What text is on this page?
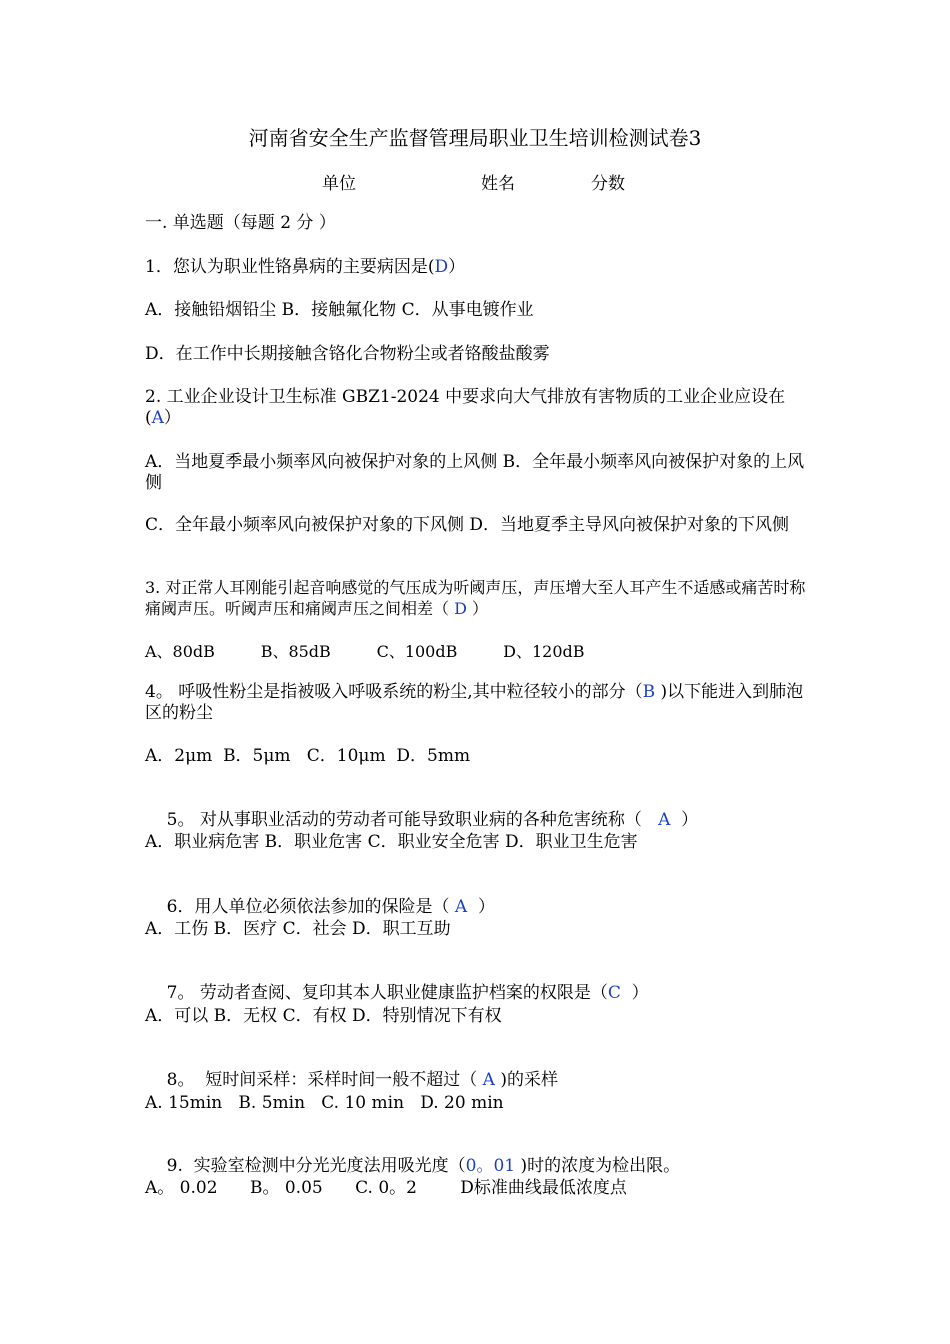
河南省安全生产监督管理局职业卫生培训检测试卷3
单位	姓名	分数
一. 单选题（每题 2 分 ）
1．您认为职业性铬鼻病的主要病因是(D）
A．接触铅烟铅尘 B．接触氟化物 C．从事电镀作业
D．在工作中长期接触含铬化合物粉尘或者铬酸盐酸雾
2. 工业企业设计卫生标准 GBZ1-2024 中要求向大气排放有害物质的工业企业应设在(A）
A．当地夏季最小频率风向被保护对象的上风侧 B．全年最小频率风向被保护对象的上风侧
C．全年最小频率风向被保护对象的下风侧 D．当地夏季主导风向被保护对象的下风侧
3. 对正常人耳刚能引起音响感觉的气压成为听阈声压，声压增大至人耳产生不适感或痛苦时称痛阈声压。听阈声压和痛阈声压之间相差（ D ）
A、80dB         B、85dB         C、100dB         D、120dB
4。 呼吸性粉尘是指被吸入呼吸系统的粉尘,其中粒径较小的部分（B )以下能进入到肺泡区的粉尘
A．2μm  B．5μm   C．10μm  D．5mm

5。 对从事职业活动的劳动者可能导致职业病的各种危害统称（   A  ）

A．职业病危害 B．职业危害 C．职业安全危害 D．职业卫生危害

6．用人单位必须依法参加的保险是（ A  ）

A．工伤 B．医疗 C．社会 D．职工互助

7。 劳动者查阅、复印其本人职业健康监护档案的权限是（C  ）

A．可以 B．无权 C．有权 D．特别情况下有权

8。  短时间采样：采样时间一般不超过（ A )的采样

A. 15min   B. 5min   C. 10 min   D. 20 min

9.  实验室检测中分光光度法用吸光度（0。01 )时的浓度为检出限。

A。 0.02      B。 0.05      C. 0。2        D标准曲线最低浓度点
